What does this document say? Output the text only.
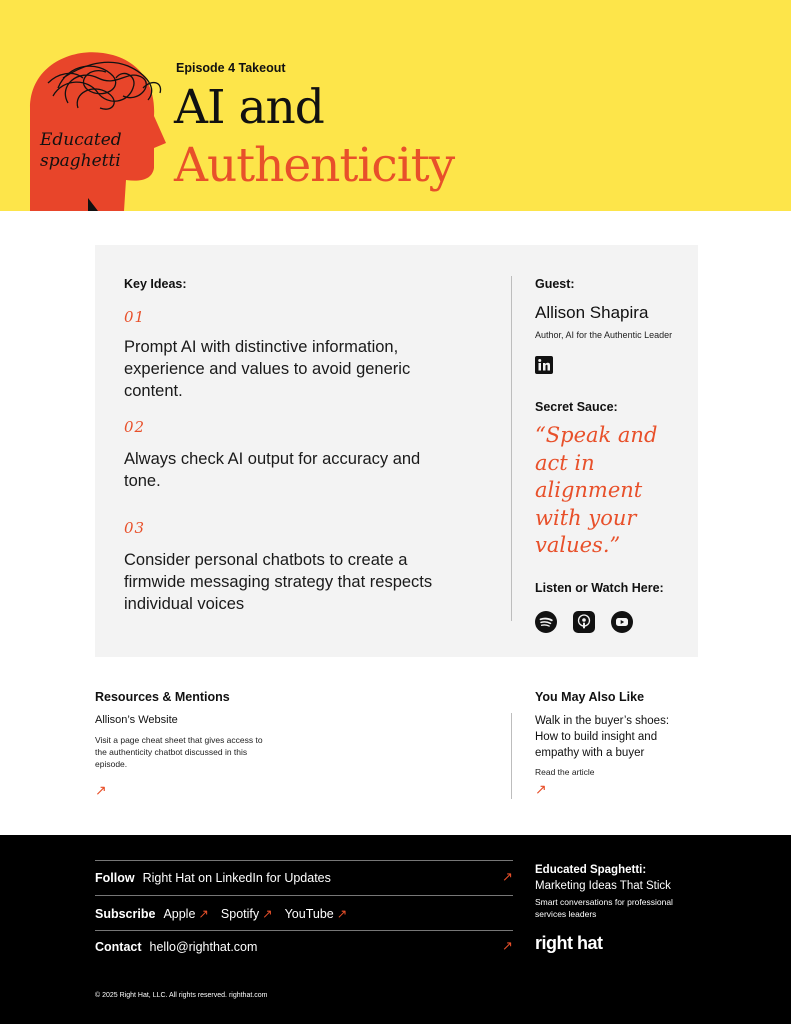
Educated
spaghetti
Episode 4 Takeout
AI and
Authenticity
Key Ideas:
01
Prompt AI with distinctive information, experience and values to avoid generic content.
02
Always check AI output for accuracy and tone.
03
Consider personal chatbots to create a firmwide messaging strategy that respects individual voices
Guest:
Allison Shapira
Author, AI for the Authentic Leader
Secret Sauce:
“Speak and act in alignment with your values.”
Listen or Watch Here:
Resources & Mentions
Allison’s Website
Visit a page cheat sheet that gives access to the authenticity chatbot discussed in this episode.
↗
You May Also Like
Walk in the buyer’s shoes: How to build insight and empathy with a buyer
Read the article
↗
Follow Right Hat on LinkedIn for Updates	↗
Subscribe Apple ↗ Spotify ↗ YouTube ↗
Contact hello@righthat.com	↗
Educated Spaghetti:
Marketing Ideas That Stick
Smart conversations for professional services leaders
right hat
© 2025 Right Hat, LLC. All rights reserved. righthat.com
